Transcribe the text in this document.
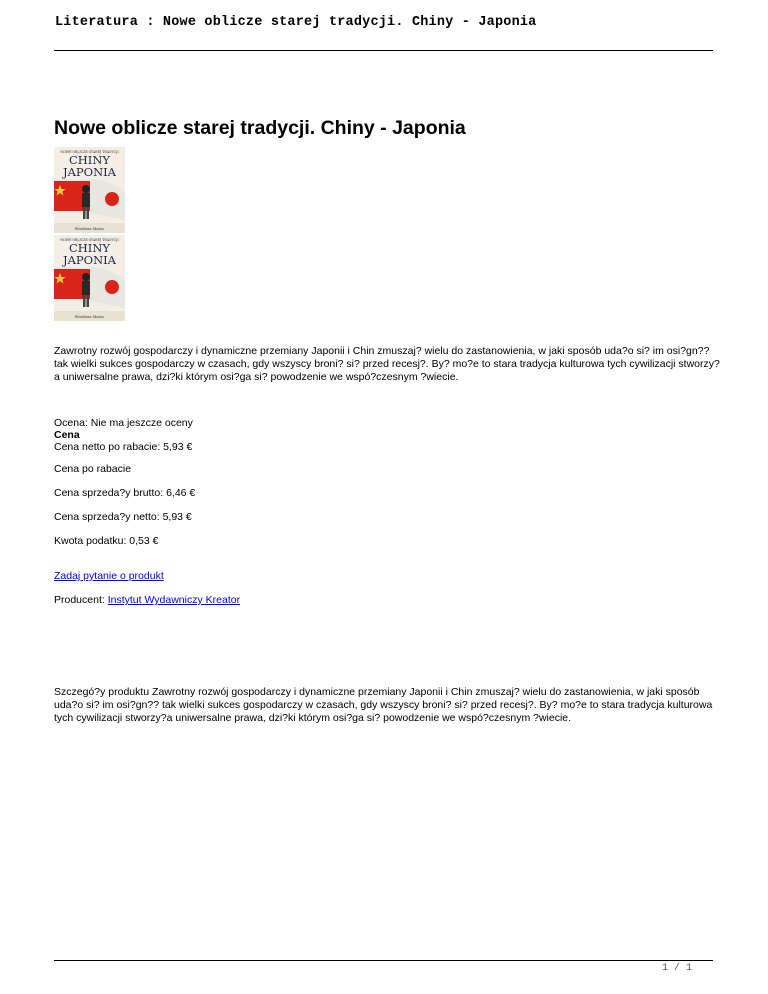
Literatura : Nowe oblicze starej tradycji. Chiny - Japonia
Nowe oblicze starej tradycji. Chiny - Japonia
NOWE OBLICZE STAREJ TRADYCJI
CHINY
JAPONIA
Wiesława Mazur
NOWE OBLICZE STAREJ TRADYCJI
CHINY
JAPONIA
Wiesława Mazur

Zawrotny rozwój gospodarczy i dynamiczne przemiany Japonii i Chin zmuszaj? wielu do zastanowienia, w jaki sposób uda?o si? im osi?gn?? tak wielki sukces gospodarczy w czasach, gdy wszyscy broni? si? przed recesj?. By? mo?e to stara tradycja kulturowa tych cywilizacji stworzy?a uniwersalne prawa, dzi?ki którym osi?ga si? powodzenie we wspó?czesnym ?wiecie.

Ocena: Nie ma jeszcze oceny

Cena

Cena netto po rabacie: 5,93 €

Cena po rabacie

Cena sprzeda?y brutto: 6,46 €

Cena sprzeda?y netto: 5,93 €

Kwota podatku: 0,53 €

Zadaj pytanie o produkt

Producent: Instytut Wydawniczy Kreator

Szczegó?y produktu Zawrotny rozwój gospodarczy i dynamiczne przemiany Japonii i Chin zmuszaj? wielu do zastanowienia, w jaki sposób uda?o si? im osi?gn?? tak wielki sukces gospodarczy w czasach, gdy wszyscy broni? si? przed recesj?. By? mo?e to stara tradycja kulturowa tych cywilizacji stworzy?a uniwersalne prawa, dzi?ki którym osi?ga si? powodzenie we wspó?czesnym ?wiecie.

1 / 1
